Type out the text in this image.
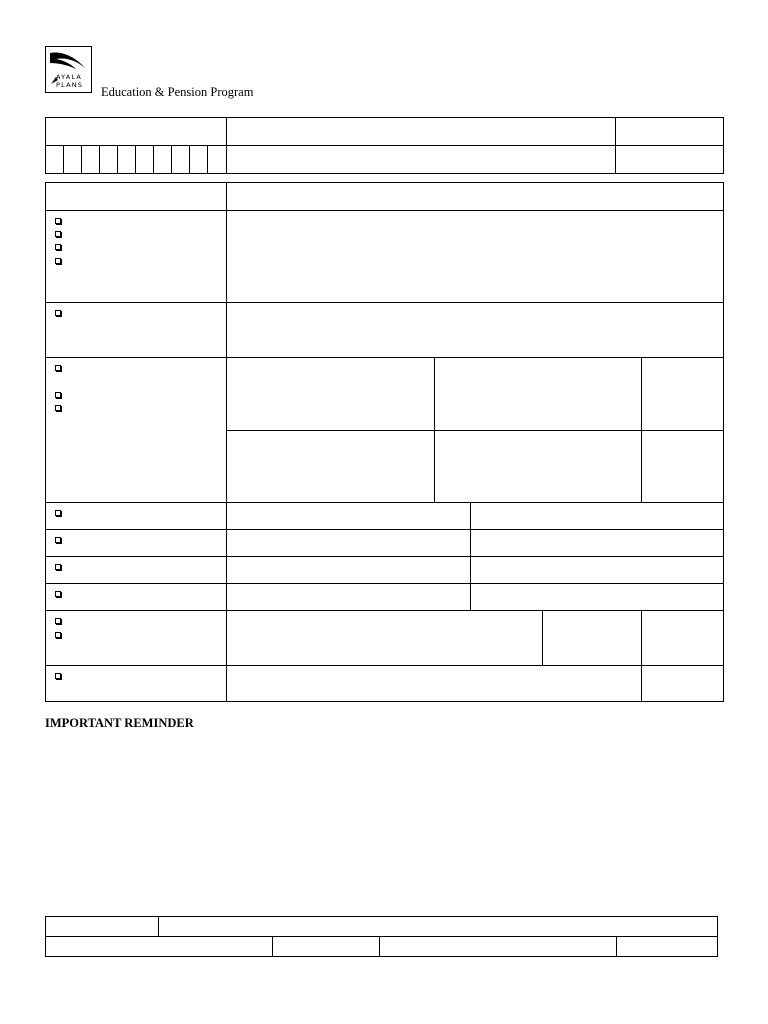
AYALA
PLANS Education & Pension Program
IMPORTANT REMINDER
